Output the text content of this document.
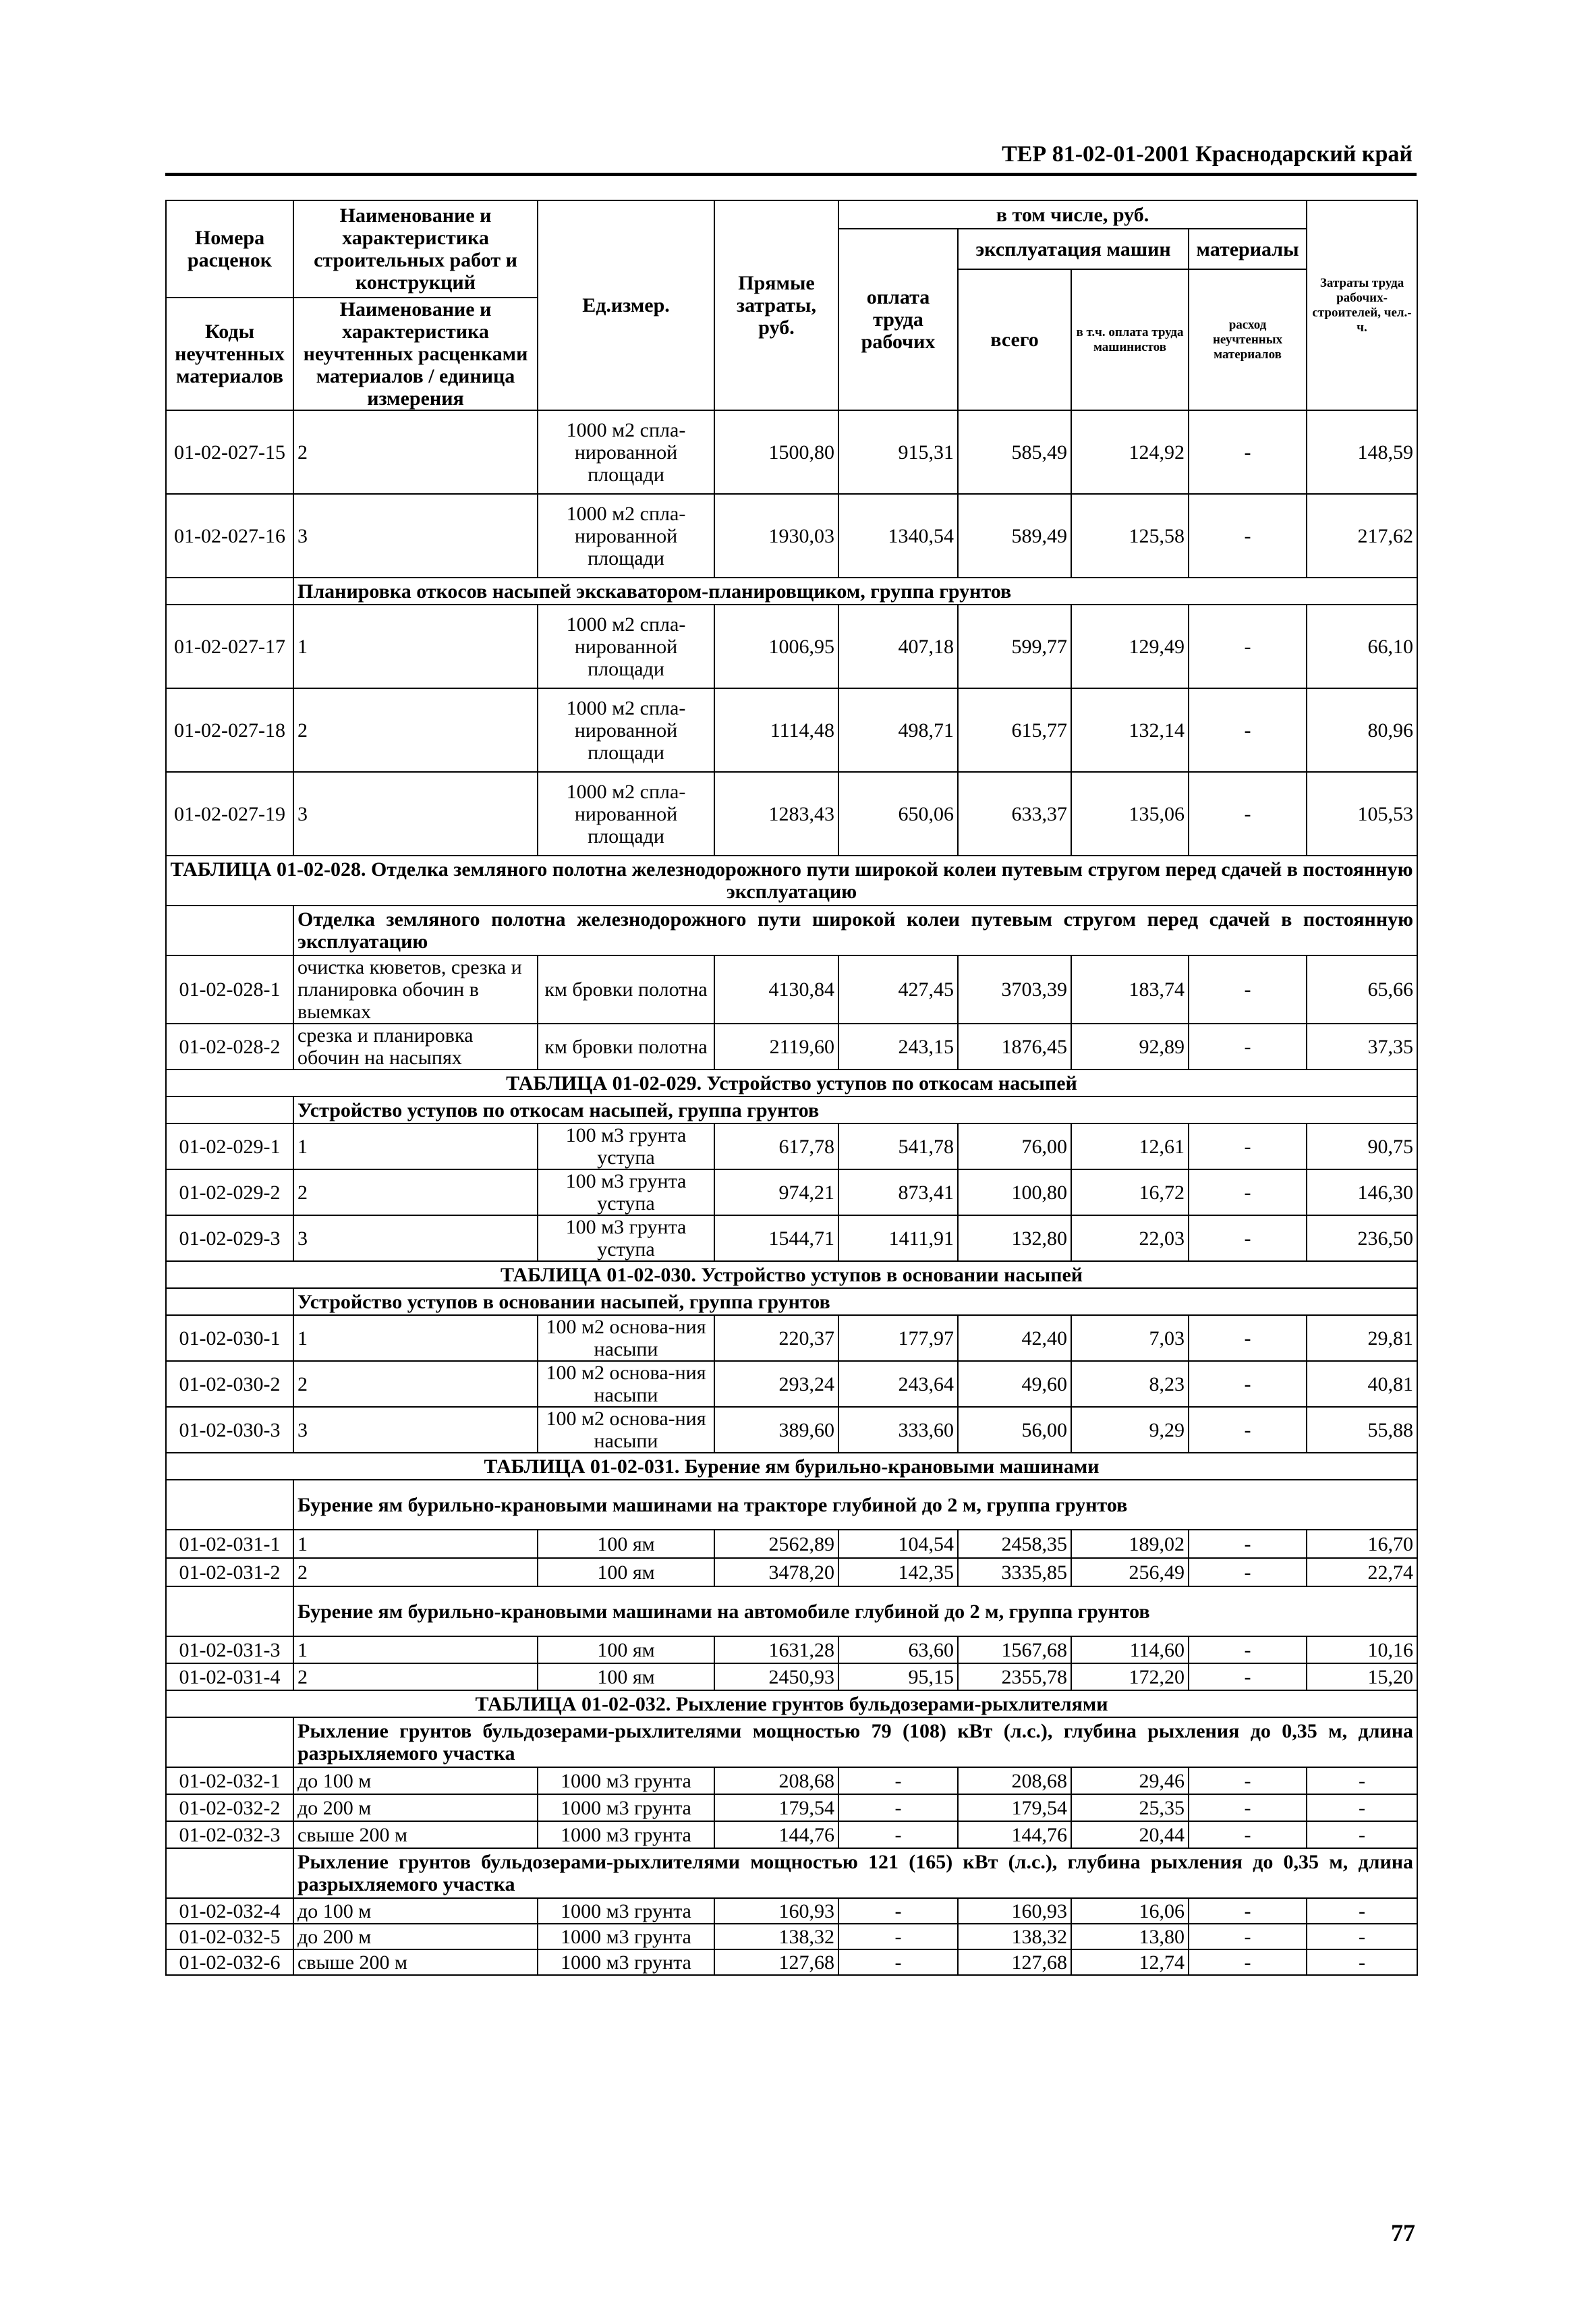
ТЕР 81-02-01-2001 Краснодарский край
Номера расценок	Наименование и характеристика строительных работ и конструкций	Ед.измер.	Прямые затраты, руб.	в том числе, руб.				Затраты труда рабочих-строителей, чел.-ч.
				оплата труда рабочих	эксплуатация машин		материалы	
					всего	в т.ч. оплата труда машинистов	расход неучтенных материалов	
Коды неучтенных материалов	Наименование и характеристика неучтенных расценками материалов / единица измерения							

01-02-027-15	2	1000 м2 спла-нированной площади	1500,80	915,31	585,49	124,92	-	148,59
01-02-027-16	3	1000 м2 спла-нированной площади	1930,03	1340,54	589,49	125,58	-	217,62
	Планировка откосов насыпей экскаватором-планировщиком, группа грунтов							
01-02-027-17	1	1000 м2 спла-нированной площади	1006,95	407,18	599,77	129,49	-	66,10
01-02-027-18	2	1000 м2 спла-нированной площади	1114,48	498,71	615,77	132,14	-	80,96
01-02-027-19	3	1000 м2 спла-нированной площади	1283,43	650,06	633,37	135,06	-	105,53
ТАБЛИЦА 01-02-028. Отделка земляного полотна железнодорожного пути широкой колеи путевым стругом перед сдачей в постоянную эксплуатацию								
	Отделка земляного полотна железнодорожного пути широкой колеи путевым стругом перед сдачей в постоянную эксплуатацию							
01-02-028-1	очистка кюветов, срезка и планировка обочин в выемках	км бровки полотна	4130,84	427,45	3703,39	183,74	-	65,66
01-02-028-2	срезка и планировка обочин на насыпях	км бровки полотна	2119,60	243,15	1876,45	92,89	-	37,35
ТАБЛИЦА 01-02-029. Устройство уступов по откосам насыпей								
	Устройство уступов по откосам насыпей, группа грунтов							
01-02-029-1	1	100 м3 грунта уступа	617,78	541,78	76,00	12,61	-	90,75
01-02-029-2	2	100 м3 грунта уступа	974,21	873,41	100,80	16,72	-	146,30
01-02-029-3	3	100 м3 грунта уступа	1544,71	1411,91	132,80	22,03	-	236,50
ТАБЛИЦА 01-02-030. Устройство уступов в основании насыпей								
	Устройство уступов в основании насыпей, группа грунтов							
01-02-030-1	1	100 м2 основа-ния насыпи	220,37	177,97	42,40	7,03	-	29,81
01-02-030-2	2	100 м2 основа-ния насыпи	293,24	243,64	49,60	8,23	-	40,81
01-02-030-3	3	100 м2 основа-ния насыпи	389,60	333,60	56,00	9,29	-	55,88
ТАБЛИЦА 01-02-031. Бурение ям бурильно-крановыми машинами								
	Бурение ям бурильно-крановыми машинами на тракторе глубиной до 2 м, группа грунтов							
01-02-031-1	1	100 ям	2562,89	104,54	2458,35	189,02	-	16,70
01-02-031-2	2	100 ям	3478,20	142,35	3335,85	256,49	-	22,74
	Бурение ям бурильно-крановыми машинами на автомобиле глубиной до 2 м, группа грунтов							
01-02-031-3	1	100 ям	1631,28	63,60	1567,68	114,60	-	10,16
01-02-031-4	2	100 ям	2450,93	95,15	2355,78	172,20	-	15,20
ТАБЛИЦА 01-02-032. Рыхление грунтов бульдозерами-рыхлителями								
	Рыхление грунтов бульдозерами-рыхлителями мощностью 79 (108) кВт (л.с.), глубина рыхления до 0,35 м, длина разрыхляемого участка							
01-02-032-1	до 100 м	1000 м3 грунта	208,68	-	208,68	29,46	-	-
01-02-032-2	до 200 м	1000 м3 грунта	179,54	-	179,54	25,35	-	-
01-02-032-3	свыше 200 м	1000 м3 грунта	144,76	-	144,76	20,44	-	-
	Рыхление грунтов бульдозерами-рыхлителями мощностью 121 (165) кВт (л.с.), глубина рыхления до 0,35 м, длина разрыхляемого участка							
01-02-032-4	до 100 м	1000 м3 грунта	160,93	-	160,93	16,06	-	-
01-02-032-5	до 200 м	1000 м3 грунта	138,32	-	138,32	13,80	-	-
01-02-032-6	свыше 200 м	1000 м3 грунта	127,68	-	127,68	12,74	-	-
77
